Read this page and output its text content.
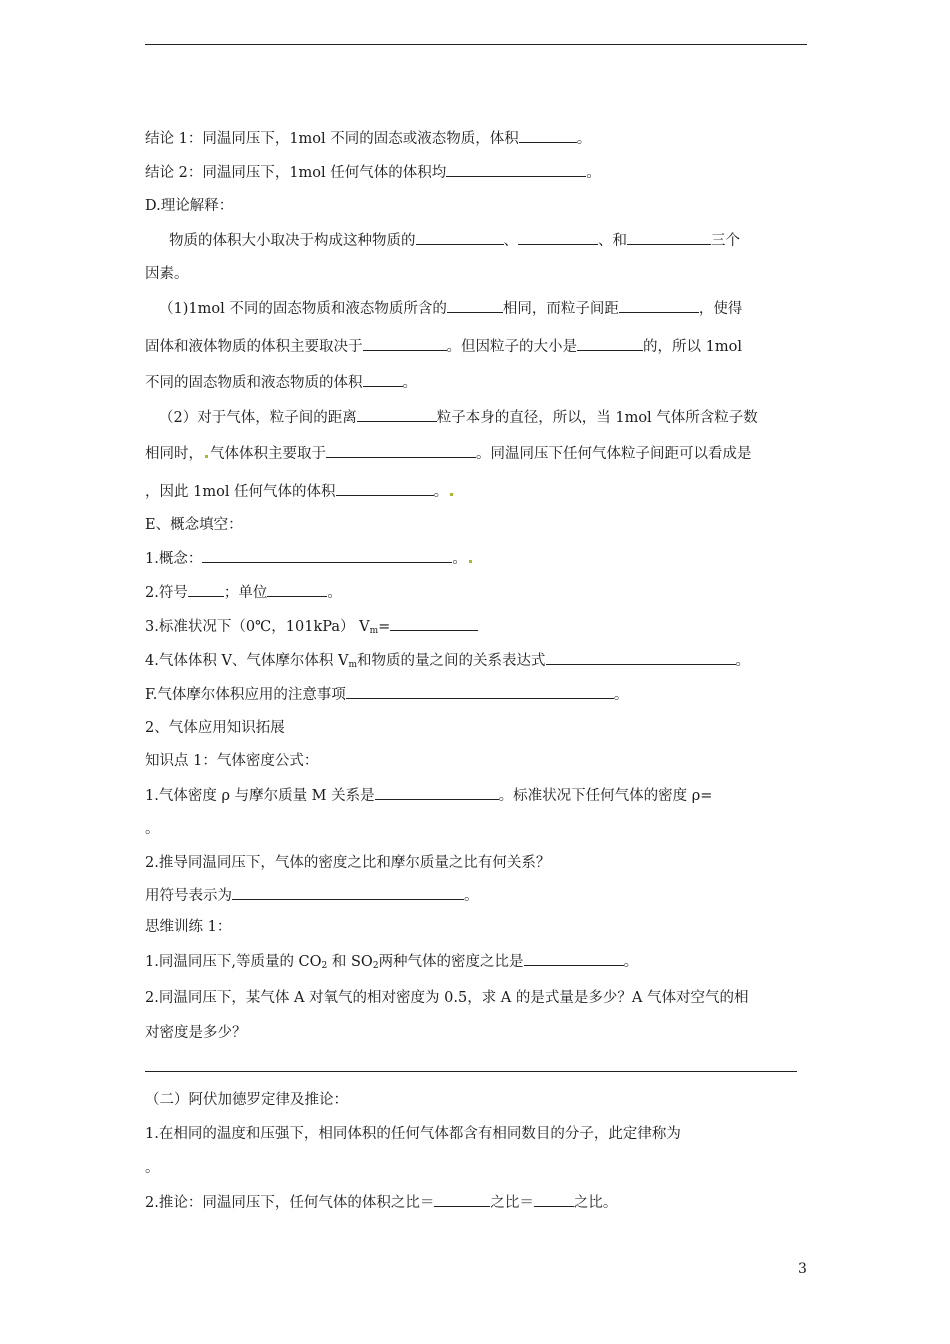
结论 1：同温同压下，1mol 不同的固态或液态物质，体积	。
结论 2：同温同压下，1mol 任何气体的体积均	。
D.理论解释：
物质的体积大小取决于构成这种物质的	、	、和	三个
因素。
（1)1mol 不同的固态物质和液态物质所含的	相同，而粒子间距	，使得
固体和液体物质的体积主要取决于	。但因粒子的大小是	的，所以 1mol
不同的固态物质和液态物质的体积	。
（2）对于气体，粒子间的距离	粒子本身的直径，所以，当 1mol 气体所含粒子数
相同时， 气体体积主要取于	。同温同压下任何气体粒子间距可以看成是
，因此 1mol 任何气体的体积	。
E、概念填空：
1.概念：	。
2.符号 ；单位	。
3.标准状况下（0℃，101kPa） $V_m=$
4.气体体积 V、气体摩尔体积 $V_m$和物质的量之间的关系表达式	。
F.气体摩尔体积应用的注意事项	。
2、气体应用知识拓展
知识点 1：气体密度公式：
1.气体密度 ρ 与摩尔质量 M 关系是	。标准状况下任何气体的密度 ρ=
。
2.推导同温同压下，气体的密度之比和摩尔质量之比有何关系？
用符号表示为	。
思维训练 1：
1.同温同压下,等质量的 $CO_2$ 和 $SO_2$两种气体的密度之比是	。
2.同温同压下，某气体 A 对氧气的相对密度为 0.5，求 A 的是式量是多少？A 气体对空气的相
对密度是多少？
（二）阿伏加德罗定律及推论：
1.在相同的温度和压强下，相同体积的任何气体都含有相同数目的分子，此定律称为
。
2.推论：同温同压下，任何气体的体积之比＝	之比＝	之比。
3
